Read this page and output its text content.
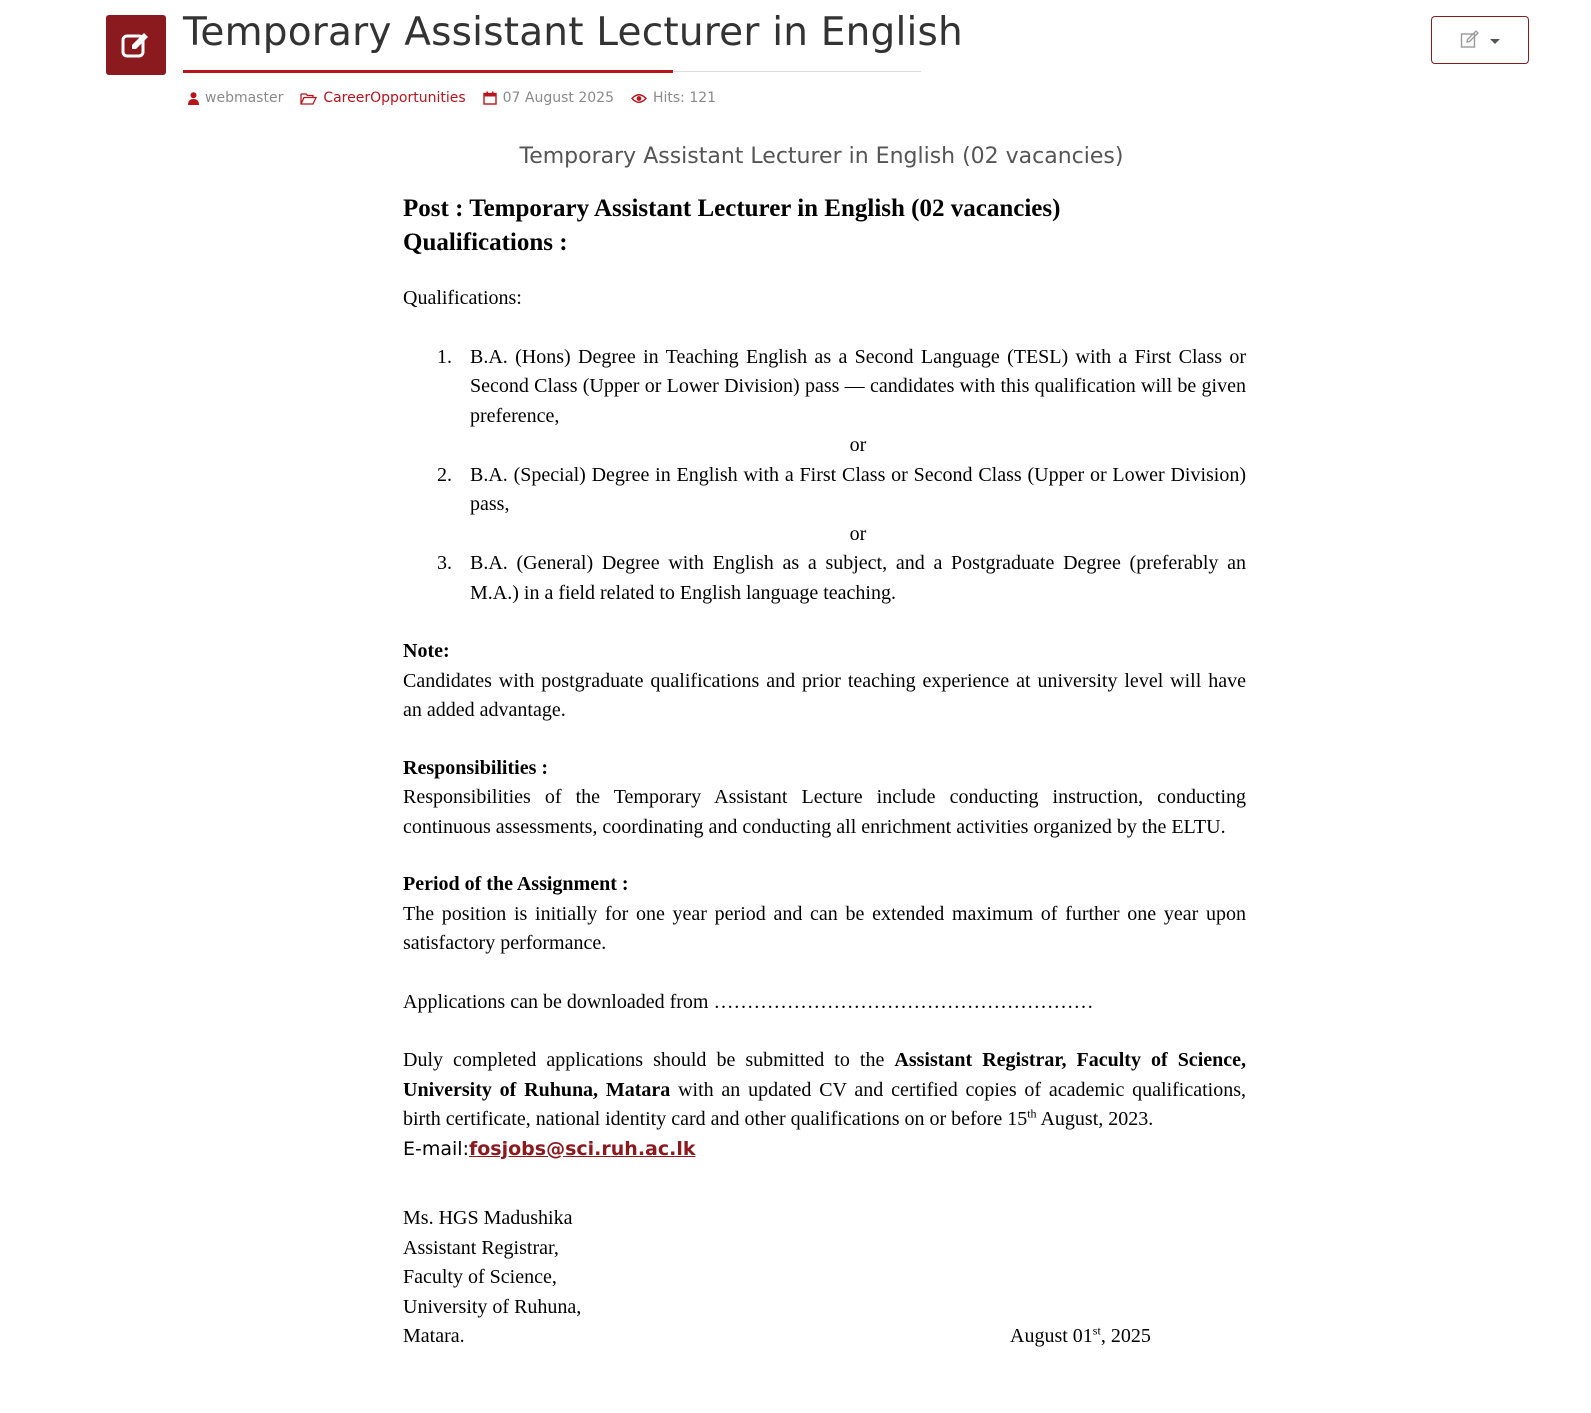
Temporary Assistant Lecturer in English
webmaster	CareerOpportunities	07 August 2025	Hits: 121
Temporary Assistant Lecturer in English (02 vacancies)

Post : Temporary Assistant Lecturer in English (02 vacancies)

Qualifications :

Qualifications:

1. B.A. (Hons) Degree in Teaching English as a Second Language (TESL) with a First Class or Second Class (Upper or Lower Division) pass — candidates with this qualification will be given preference,
or
2. B.A. (Special) Degree in English with a First Class or Second Class (Upper or Lower Division) pass,
or
3. B.A. (General) Degree with English as a subject, and a Postgraduate Degree (preferably an M.A.) in a field related to English language teaching.

Note:

Candidates with postgraduate qualifications and prior teaching experience at university level will have an added advantage.

Responsibilities :

Responsibilities of the Temporary Assistant Lecture include conducting instruction, conducting continuous assessments, coordinating and conducting all enrichment activities organized by the ELTU.

Period of the Assignment :

The position is initially for one year period and can be extended maximum of further one year upon satisfactory performance.

Applications can be downloaded from …………………………………………………

Duly completed applications should be submitted to the Assistant Registrar, Faculty of Science, University of Ruhuna, Matara with an updated CV and certified copies of academic qualifications, birth certificate, national identity card and other qualifications on or before 15th August, 2023.

E-mail:fosjobs@sci.ruh.ac.lk

Ms. HGS Madushika

Assistant Registrar,

Faculty of Science,

University of Ruhuna,

Matara.	August 01st, 2025
